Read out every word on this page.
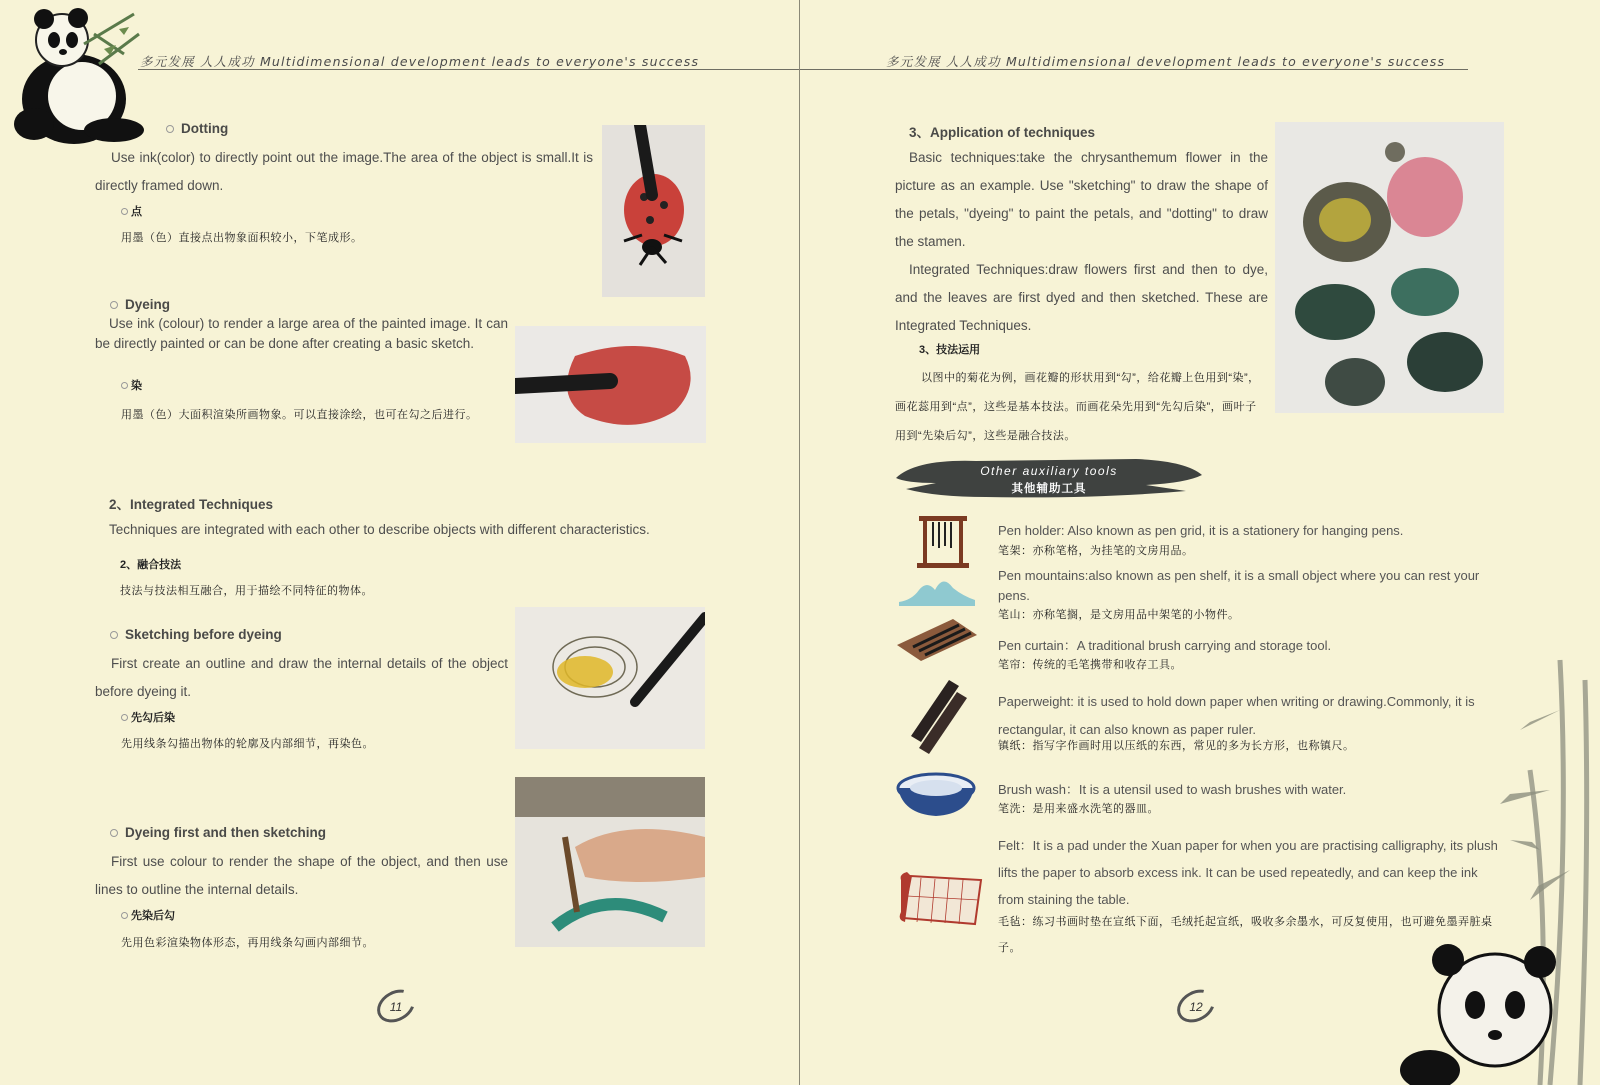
多元发展 人人成功 Multidimensional development leads to everyone's success
Dotting
Use ink(color) to directly point out the image.The area of the object is small.It is directly framed down.
点
用墨（色）直接点出物象面积较小，下笔成形。
Dyeing
Use ink (colour) to render a large area of the painted image. It can be directly painted or can be done after creating a basic sketch.
染
用墨（色）大面积渲染所画物象。可以直接涂绘，也可在勾之后进行。
2、Integrated Techniques
Techniques are integrated with each other to describe objects with different characteristics.
2、融合技法
技法与技法相互融合，用于描绘不同特征的物体。
Sketching before dyeing
First create an outline and draw the internal details of the object before dyeing it.
先勾后染
先用线条勾描出物体的轮廓及内部细节，再染色。
Dyeing first and then sketching
First use colour to render the shape of the object, and then use lines to outline the internal details.
先染后勾
先用色彩渲染物体形态，再用线条勾画内部细节。
11
多元发展 人人成功 Multidimensional development leads to everyone's success
3、Application of techniques
Basic techniques:take the chrysanthemum flower in the picture as an example. Use "sketching" to draw the shape of the petals, "dyeing" to paint the petals, and "dotting" to draw the stamen.
Integrated Techniques:draw flowers first and then to dye, and the leaves are first dyed and then sketched. These are Integrated Techniques.
3、技法运用
以图中的菊花为例，画花瓣的形状用到“勾”，给花瓣上色用到“染”，画花蕊用到“点”，这些是基本技法。而画花朵先用到“先勾后染”，画叶子用到“先染后勾”，这些是融合技法。
Other auxiliary tools
其他辅助工具
Pen holder: Also known as pen grid, it is a stationery for hanging pens.
笔架：亦称笔格，为挂笔的文房用品。
Pen mountains:also known as pen shelf, it is a small object where you can rest your pens.
笔山：亦称笔搁，是文房用品中架笔的小物件。
Pen curtain：A traditional brush carrying and storage tool.
笔帘：传统的毛笔携带和收存工具。
Paperweight: it is used to hold down paper when writing or drawing.Commonly, it is rectangular, it can also known as paper ruler.
镇纸：指写字作画时用以压纸的东西，常见的多为长方形，也称镇尺。
Brush wash：It is a utensil used to wash brushes with water.
笔洗：是用来盛水洗笔的器皿。
Felt：It is a pad under the Xuan paper for when you are practising calligraphy, its plush lifts the paper to absorb excess ink. It can be used repeatedly, and can keep the ink from staining the table.
毛毡：练习书画时垫在宣纸下面，毛绒托起宣纸，吸收多余墨水，可反复使用，也可避免墨弄脏桌子。
12
